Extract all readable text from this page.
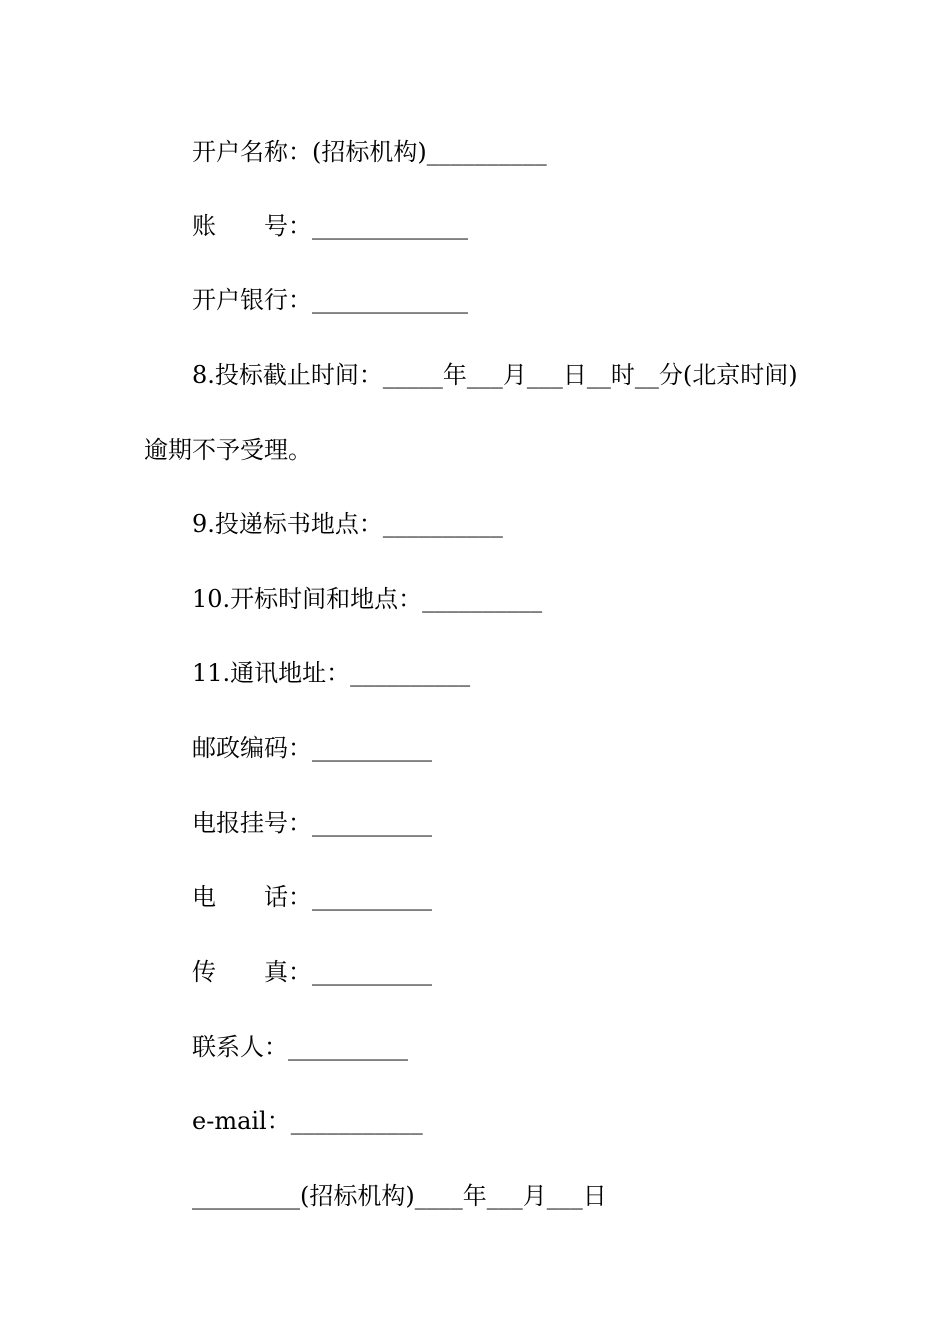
开户名称：(招标机构)__________

账　　号：_____________

开户银行：_____________

8.投标截止时间：_____年___月___日__时__分(北京时间)

逾期不予受理。

9.投递标书地点：__________

10.开标时间和地点：__________

11.通讯地址：__________

邮政编码：__________

电报挂号：__________

电　　话：__________

传　　真：__________

联系人：__________

e-mail：___________

_________(招标机构)____年___月___日
